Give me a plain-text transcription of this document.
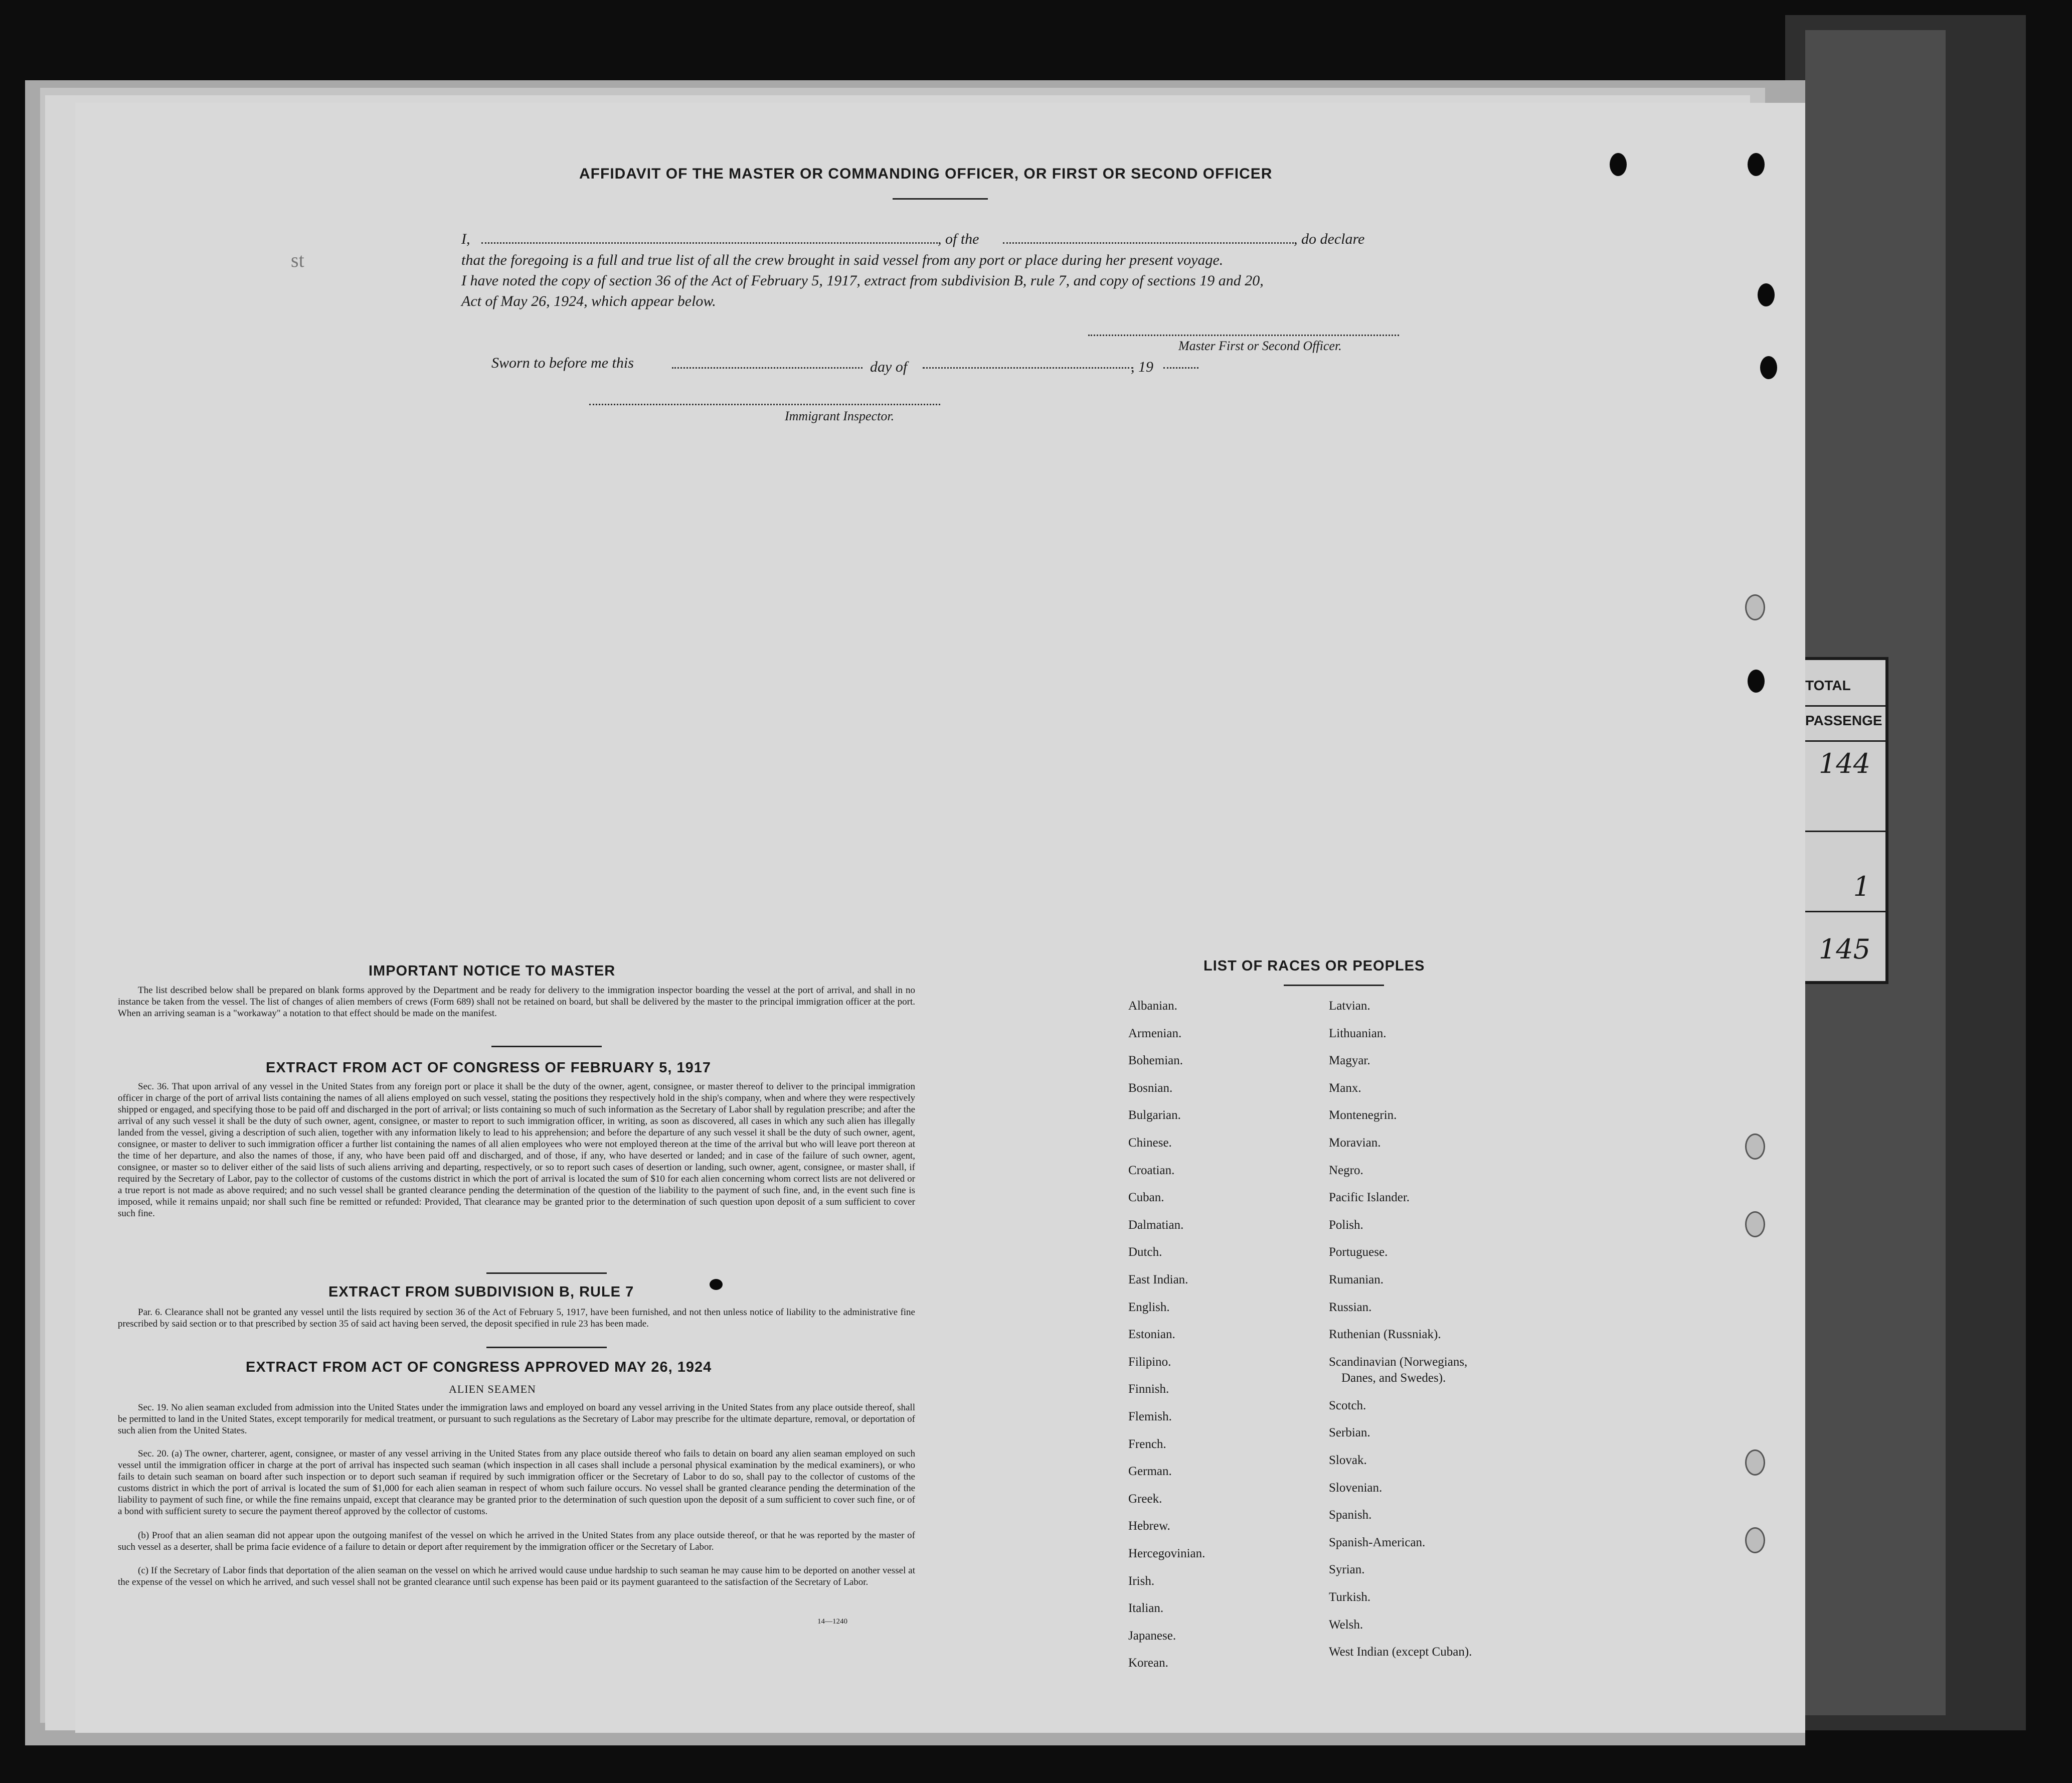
TOTAL
PASSENGE
144
1
145

AFFIDAVIT OF THE MASTER OR COMMANDING OFFICER, OR FIRST OR SECOND OFFICER

I,	, of the	, do declare

that the foregoing is a full and true list of all the crew brought in said vessel from any port or place during her present voyage.

I have noted the copy of section 36 of the Act of February 5, 1917, extract from subdivision B, rule 7, and copy of sections 19 and 20,

Act of May 26, 1924, which appear below.

Master First or Second Officer.

Sworn to before me this	day of	, 19

Immigrant Inspector.

IMPORTANT NOTICE TO MASTER

The list described below shall be prepared on blank forms approved by the Department and be ready for delivery to the immigration inspector boarding the vessel at the port of arrival, and shall in no instance be taken from the vessel. The list of changes of alien members of crews (Form 689) shall not be retained on board, but shall be delivered by the master to the principal immigration officer at the port. When an arriving seaman is a "workaway" a notation to that effect should be made on the manifest.

EXTRACT FROM ACT OF CONGRESS OF FEBRUARY 5, 1917

Sec. 36. That upon arrival of any vessel in the United States from any foreign port or place it shall be the duty of the owner, agent, consignee, or master thereof to deliver to the principal immigration officer in charge of the port of arrival lists containing the names of all aliens employed on such vessel, stating the positions they respectively hold in the ship's company, when and where they were respectively shipped or engaged, and specifying those to be paid off and discharged in the port of arrival; or lists containing so much of such information as the Secretary of Labor shall by regulation prescribe; and after the arrival of any such vessel it shall be the duty of such owner, agent, consignee, or master to report to such immigration officer, in writing, as soon as discovered, all cases in which any such alien has illegally landed from the vessel, giving a description of such alien, together with any information likely to lead to his apprehension; and before the departure of any such vessel it shall be the duty of such owner, agent, consignee, or master to deliver to such immigration officer a further list containing the names of all alien employees who were not employed thereon at the time of the arrival but who will leave port thereon at the time of her departure, and also the names of those, if any, who have been paid off and discharged, and of those, if any, who have deserted or landed; and in case of the failure of such owner, agent, consignee, or master so to deliver either of the said lists of such aliens arriving and departing, respectively, or so to report such cases of desertion or landing, such owner, agent, consignee, or master shall, if required by the Secretary of Labor, pay to the collector of customs of the customs district in which the port of arrival is located the sum of $10 for each alien concerning whom correct lists are not delivered or a true report is not made as above required; and no such vessel shall be granted clearance pending the determination of the question of the liability to the payment of such fine, and, in the event such fine is imposed, while it remains unpaid; nor shall such fine be remitted or refunded: Provided, That clearance may be granted prior to the determination of such question upon deposit of a sum sufficient to cover such fine.

EXTRACT FROM SUBDIVISION B, RULE 7

Par. 6. Clearance shall not be granted any vessel until the lists required by section 36 of the Act of February 5, 1917, have been furnished, and not then unless notice of liability to the administrative fine prescribed by said section or to that prescribed by section 35 of said act having been served, the deposit specified in rule 23 has been made.

EXTRACT FROM ACT OF CONGRESS APPROVED MAY 26, 1924

ALIEN SEAMEN

Sec. 19. No alien seaman excluded from admission into the United States under the immigration laws and employed on board any vessel arriving in the United States from any place outside thereof, shall be permitted to land in the United States, except temporarily for medical treatment, or pursuant to such regulations as the Secretary of Labor may prescribe for the ultimate departure, removal, or deportation of such alien from the United States.

Sec. 20. (a) The owner, charterer, agent, consignee, or master of any vessel arriving in the United States from any place outside thereof who fails to detain on board any alien seaman employed on such vessel until the immigration officer in charge at the port of arrival has inspected such seaman (which inspection in all cases shall include a personal physical examination by the medical examiners), or who fails to detain such seaman on board after such inspection or to deport such seaman if required by such immigration officer or the Secretary of Labor to do so, shall pay to the collector of customs of the customs district in which the port of arrival is located the sum of $1,000 for each alien seaman in respect of whom such failure occurs. No vessel shall be granted clearance pending the determination of the liability to payment of such fine, or while the fine remains unpaid, except that clearance may be granted prior to the determination of such question upon the deposit of a sum sufficient to cover such fine, or of a bond with sufficient surety to secure the payment thereof approved by the collector of customs.

(b) Proof that an alien seaman did not appear upon the outgoing manifest of the vessel on which he arrived in the United States from any place outside thereof, or that he was reported by the master of such vessel as a deserter, shall be prima facie evidence of a failure to detain or deport after requirement by the immigration officer or the Secretary of Labor.

(c) If the Secretary of Labor finds that deportation of the alien seaman on the vessel on which he arrived would cause undue hardship to such seaman he may cause him to be deported on another vessel at the expense of the vessel on which he arrived, and such vessel shall not be granted clearance until such expense has been paid or its payment guaranteed to the satisfaction of the Secretary of Labor.

14—1240

LIST OF RACES OR PEOPLES

st

Albanian.

Armenian.

Bohemian.

Bosnian.

Bulgarian.

Chinese.

Croatian.

Cuban.

Dalmatian.

Dutch.

East Indian.

English.

Estonian.

Filipino.

Finnish.

Flemish.

French.

German.

Greek.

Hebrew.

Hercegovinian.

Irish.

Italian.

Japanese.

Korean.

Latvian.

Lithuanian.

Magyar.

Manx.

Montenegrin.

Moravian.

Negro.

Pacific Islander.

Polish.

Portuguese.

Rumanian.

Russian.

Ruthenian (Russniak).

Scandinavian (Norwegians,

Danes, and Swedes).

Scotch.

Serbian.

Slovak.

Slovenian.

Spanish.

Spanish-American.

Syrian.

Turkish.

Welsh.

West Indian (except Cuban).
